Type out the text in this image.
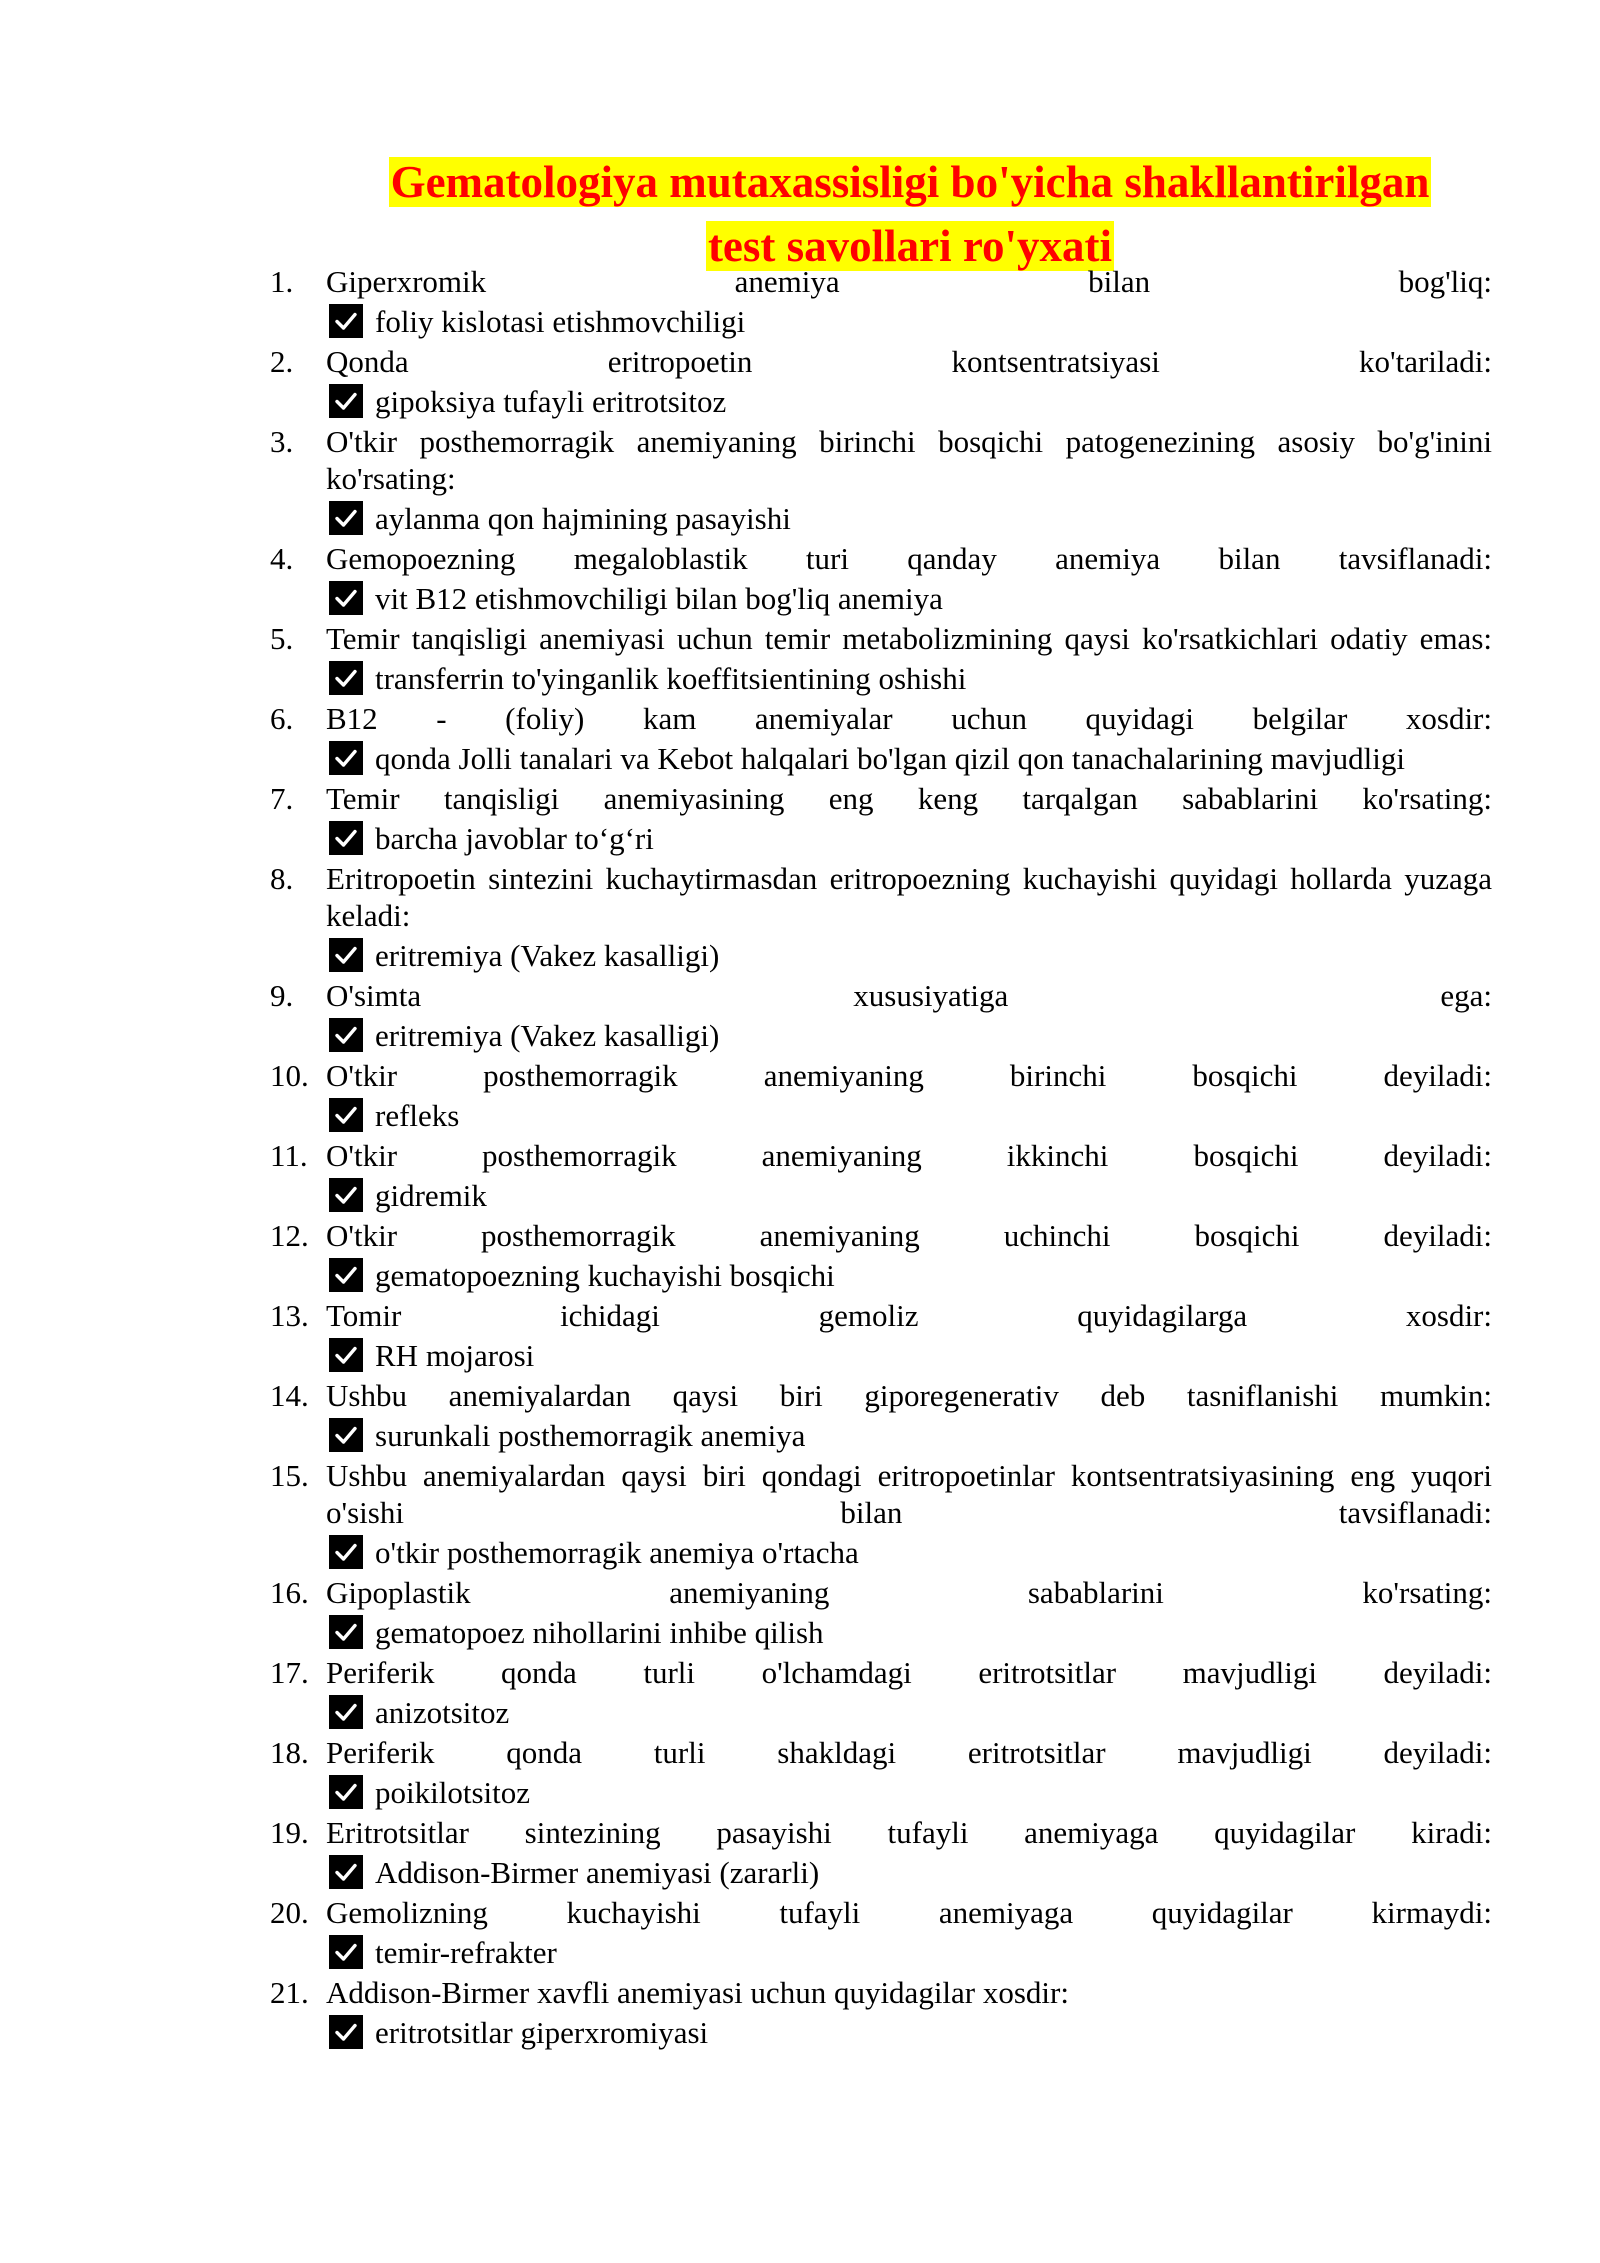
Gematologiya mutaxassisligi bo'yicha shakllantirilgan
test savollari ro'yxati
1.	Giperxromik anemiya bilan bog'liq:
foliy kislotasi etishmovchiligi
2.	Qonda eritropoetin kontsentratsiyasi ko'tariladi:
gipoksiya tufayli eritrotsitoz
3.	O'tkir posthemorragik anemiyaning birinchi bosqichi patogenezining asosiy bo'g'inini ko'rsating:
aylanma qon hajmining pasayishi
4.	Gemopoezning megaloblastik turi qanday anemiya bilan tavsiflanadi:
vit B12 etishmovchiligi bilan bog'liq anemiya
5.	Temir tanqisligi anemiyasi uchun temir metabolizmining qaysi ko'rsatkichlari odatiy emas:
transferrin to'yinganlik koeffitsientining oshishi
6.	B12 - (foliy) kam anemiyalar uchun quyidagi belgilar xosdir:
qonda Jolli tanalari va Kebot halqalari bo'lgan qizil qon tanachalarining mavjudligi
7.	Temir tanqisligi anemiyasining eng keng tarqalgan sabablarini ko'rsating:
barcha javoblar to‘g‘ri
8.	Eritropoetin sintezini kuchaytirmasdan eritropoezning kuchayishi quyidagi hollarda yuzaga keladi:
eritremiya (Vakez kasalligi)
9.	O'simta xususiyatiga ega:
eritremiya (Vakez kasalligi)
10. O'tkir posthemorragik anemiyaning birinchi bosqichi deyiladi:
refleks
11. O'tkir posthemorragik anemiyaning ikkinchi bosqichi deyiladi:
gidremik
12. O'tkir posthemorragik anemiyaning uchinchi bosqichi deyiladi:
gematopoezning kuchayishi bosqichi
13. Tomir ichidagi gemoliz quyidagilarga xosdir:
RH mojarosi
14. Ushbu anemiyalardan qaysi biri giporegenerativ deb tasniflanishi mumkin:
surunkali posthemorragik anemiya
15. Ushbu anemiyalardan qaysi biri qondagi eritropoetinlar kontsentratsiyasining eng yuqori o'sishi bilan tavsiflanadi:
o'tkir posthemorragik anemiya o'rtacha
16. Gipoplastik anemiyaning sabablarini ko'rsating:
gematopoez nihollarini inhibe qilish
17. Periferik qonda turli o'lchamdagi eritrotsitlar mavjudligi deyiladi:
anizotsitoz
18. Periferik qonda turli shakldagi eritrotsitlar mavjudligi deyiladi:
poikilotsitoz
19. Eritrotsitlar sintezining pasayishi tufayli anemiyaga quyidagilar kiradi:
Addison-Birmer anemiyasi (zararli)
20. Gemolizning kuchayishi tufayli anemiyaga quyidagilar kirmaydi:
temir-refrakter
21. Addison-Birmer xavfli anemiyasi uchun quyidagilar xosdir:
eritrotsitlar giperxromiyasi
